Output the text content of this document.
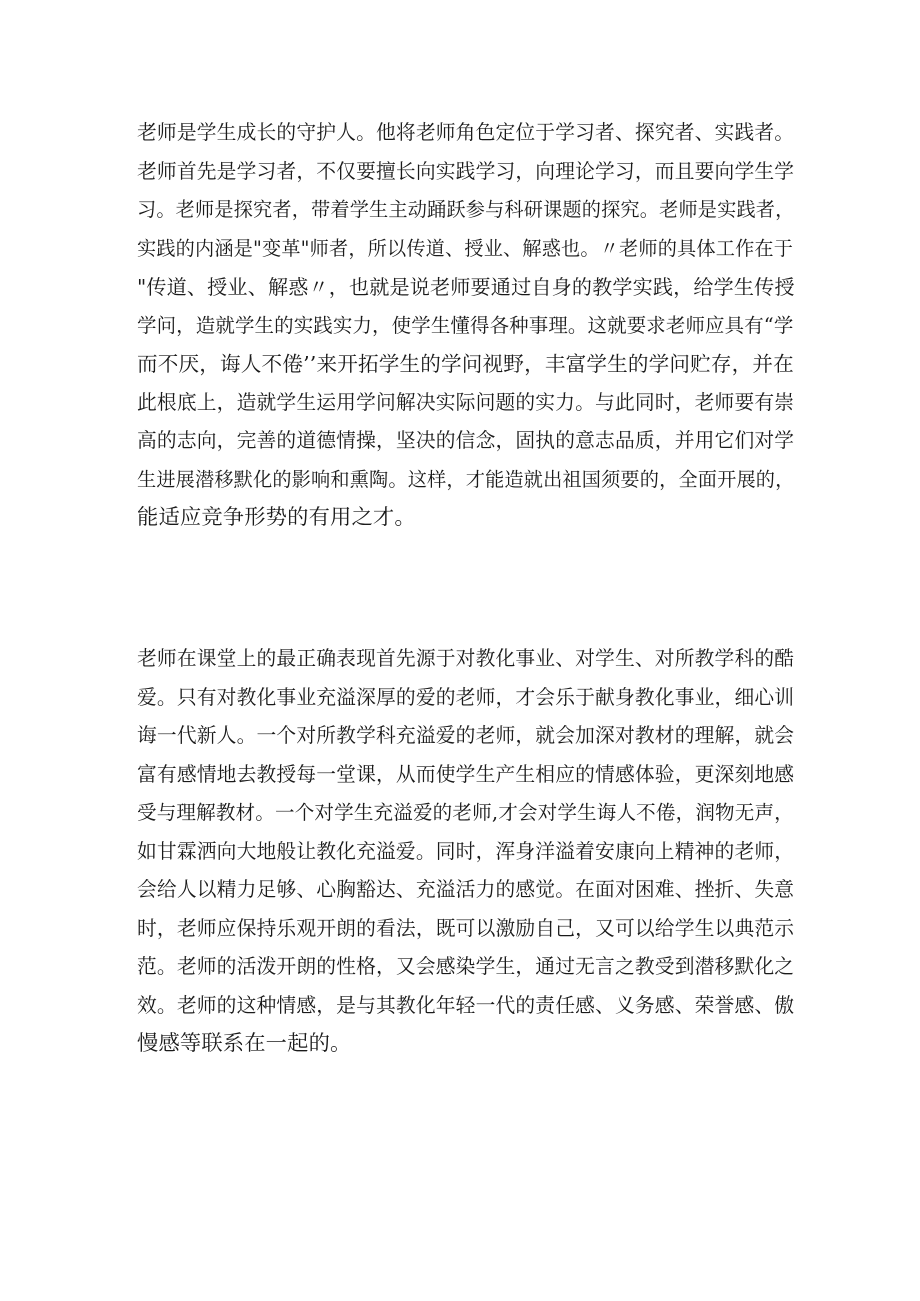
老师是学生成长的守护人。他将老师角色定位于学习者、探究者、实践者。
老师首先是学习者，不仅要擅长向实践学习，向理论学习，而且要向学生学
习。老师是探究者，带着学生主动踊跃参与科研课题的探究。老师是实践者，
实践的内涵是"变革"师者，所以传道、授业、解惑也。〃老师的具体工作在于
"传道、授业、解惑〃，也就是说老师要通过自身的教学实践，给学生传授
学问，造就学生的实践实力，使学生懂得各种事理。这就要求老师应具有“学
而不厌，诲人不倦’’来开拓学生的学问视野，丰富学生的学问贮存，并在
此根底上，造就学生运用学问解决实际问题的实力。与此同时，老师要有崇
高的志向，完善的道德情操，坚决的信念，固执的意志品质，并用它们对学
生进展潜移默化的影响和熏陶。这样，才能造就出祖国须要的，全面开展的，
能适应竞争形势的有用之才。
老师在课堂上的最正确表现首先源于对教化事业、对学生、对所教学科的酷
爱。只有对教化事业充溢深厚的爱的老师，才会乐于献身教化事业，细心训
诲一代新人。一个对所教学科充溢爱的老师，就会加深对教材的理解，就会
富有感情地去教授每一堂课，从而使学生产生相应的情感体验，更深刻地感
受与理解教材。一个对学生充溢爱的老师,才会对学生诲人不倦，润物无声，
如甘霖洒向大地般让教化充溢爱。同时，浑身洋溢着安康向上精神的老师，
会给人以精力足够、心胸豁达、充溢活力的感觉。在面对困难、挫折、失意
时，老师应保持乐观开朗的看法，既可以激励自己，又可以给学生以典范示
范。老师的活泼开朗的性格，又会感染学生，通过无言之教受到潜移默化之
效。老师的这种情感，是与其教化年轻一代的责任感、义务感、荣誉感、傲
慢感等联系在一起的。
